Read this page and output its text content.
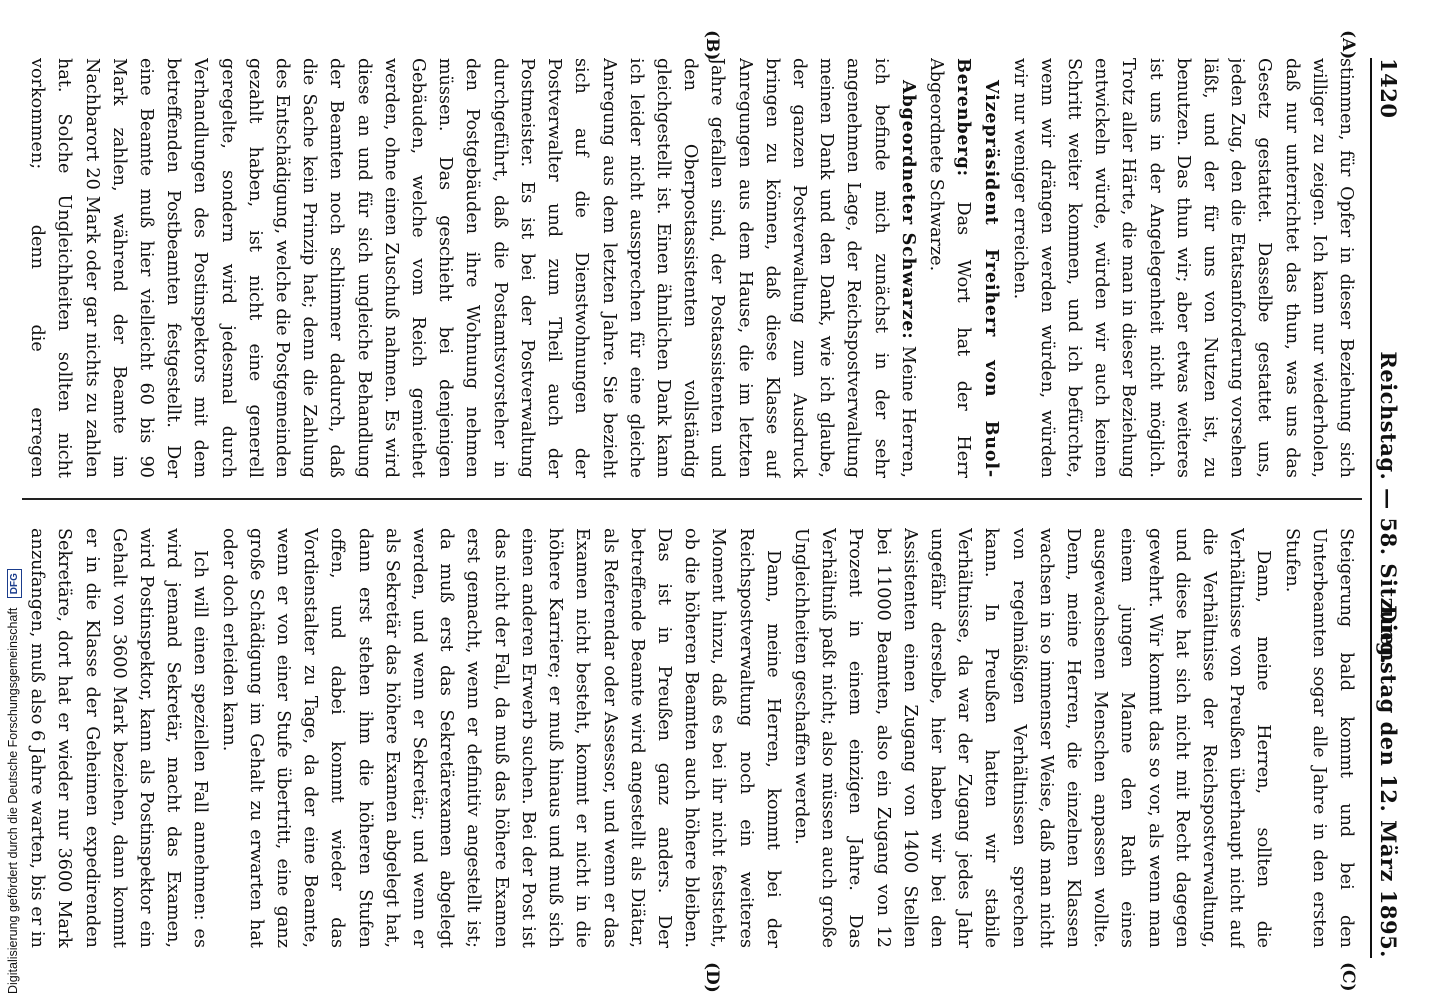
1420
Reichstag. — 58. Sitzung.
Dienstag den 12. März 1895.
(A)
(B)
(C)
(D)

stimmen, für Opfer in dieser Beziehung sich williger zu zeigen. Ich kann nur wiederholen, daß nur unterrichtet das thun, was uns das Gesetz gestattet. Dasselbe gestattet uns, jeden Zug, den die Etatsanforderung vorsehen läßt, und der für uns von Nutzen ist, zu benutzen. Das thun wir; aber etwas weiteres ist uns in der Angelegenheit nicht möglich. Trotz aller Härte, die man in dieser Beziehung entwickeln würde, würden wir auch keinen Schritt weiter kommen, und ich befürchte, wenn wir drängen werden würden, würden wir nur weniger erreichen.

Vizepräsident Freiherr von Buol-Berenberg: Das Wort hat der Herr Abgeordnete Schwarze.

Abgeordneter Schwarze: Meine Herren, ich befinde mich zunächst in der sehr angenehmen Lage, der Reichspostverwaltung meinen Dank und den Dank, wie ich glaube, der ganzen Postverwaltung zum Ausdruck bringen zu können, daß diese Klasse auf Anregungen aus dem Hause, die im letzten Jahre gefallen sind, der Postassistenten und den Oberpostassistenten vollständig gleichgestellt ist. Einen ähnlichen Dank kann ich leider nicht aussprechen für eine gleiche Anregung aus dem letzten Jahre. Sie bezieht sich auf die Dienstwohnungen der Postverwalter und zum Theil auch der Postmeister. Es ist bei der Postverwaltung durchgeführt, daß die Postamtsvorsteher in den Postgebäuden ihre Wohnung nehmen müssen. Das geschieht bei denjenigen Gebäuden, welche vom Reich gemiethet werden, ohne einen Zuschuß nahmen. Es wird diese an und für sich ungleiche Behandlung der Beamten noch schlimmer dadurch, daß die Sache kein Prinzip hat; denn die Zahlung des Entschädigung, welche die Postgemeinden gezahlt haben, ist nicht eine generell geregelte, sondern wird jedesmal durch Verhandlungen des Postinspektors mit dem betreffenden Postbeamten festgestellt. Der eine Beamte muß hier vielleicht 60 bis 90 Mark zahlen, während der Beamte im Nachbarort 20 Mark oder gar nichts zu zahlen hat. Solche Ungleichheiten sollten nicht vorkommen; denn die erregen

Steigerung bald kommt und bei den Unterbeamten sogar alle Jahre in den ersten Stufen.

Dann, meine Herren, sollten die Verhältnisse von Preußen überhaupt nicht auf die Verhältnisse der Reichspostverwaltung, und diese hat sich nicht mit Recht dagegen gewehrt. Wir kommt das so vor, als wenn man einem jungen Manne den Rath eines ausgewachsenen Menschen anpassen wollte. Denn, meine Herren, die einzelnen Klassen wachsen in so immenser Weise, daß man nicht von regelmäßigen Verhältnissen sprechen kann. In Preußen hatten wir stabile Verhältnisse, da war der Zugang jedes Jahr ungefähr derselbe, hier haben wir bei den Assistenten einen Zugang von 1400 Stellen bei 11000 Beamten, also ein Zugang von 12 Prozent in einem einzigen Jahre. Das Verhältniß paßt nicht; also müssen auch große Ungleichheiten geschaffen werden.

Dann, meine Herren, kommt bei der Reichspostverwaltung noch ein weiteres Moment hinzu, daß es bei ihr nicht feststeht, ob die höheren Beamten auch höhere bleiben. Das ist in Preußen ganz anders. Der betreffende Beamte wird angestellt als Diätar, als Referendar oder Assessor, und wenn er das Examen nicht besteht, kommt er nicht in die höhere Karriere; er muß hinaus und muß sich einen anderen Erwerb suchen. Bei der Post ist das nicht der Fall, da muß das höhere Examen erst gemacht, wenn er definitiv angestellt ist; da muß erst das Sekretärexamen abgelegt werden, und wenn er Sekretär; und wenn er als Sekretär das höhere Examen abgelegt hat, dann erst stehen ihm die höheren Stufen offen, und dabei kommt wieder das Vordienstalter zu Tage, da der eine Beamte, wenn er von einer Stufe übertritt, eine ganz große Schädigung im Gehalt zu erwarten hat oder doch erleiden kann.

Ich will einen speziellen Fall annehmen: es wird jemand Sekretär, macht das Examen, wird Postinspektor, kann als Postinspektor ein Gehalt von 3600 Mark beziehen, dann kommt er in die Klasse der Geheimen expedirenden Sekretäre, dort hat er wieder nur 3600 Mark anzufangen, muß also 6 Jahre warten, bis er in

Digitalisierung gefördert durch die Deutsche Forschungsgemeinschaft DFG
